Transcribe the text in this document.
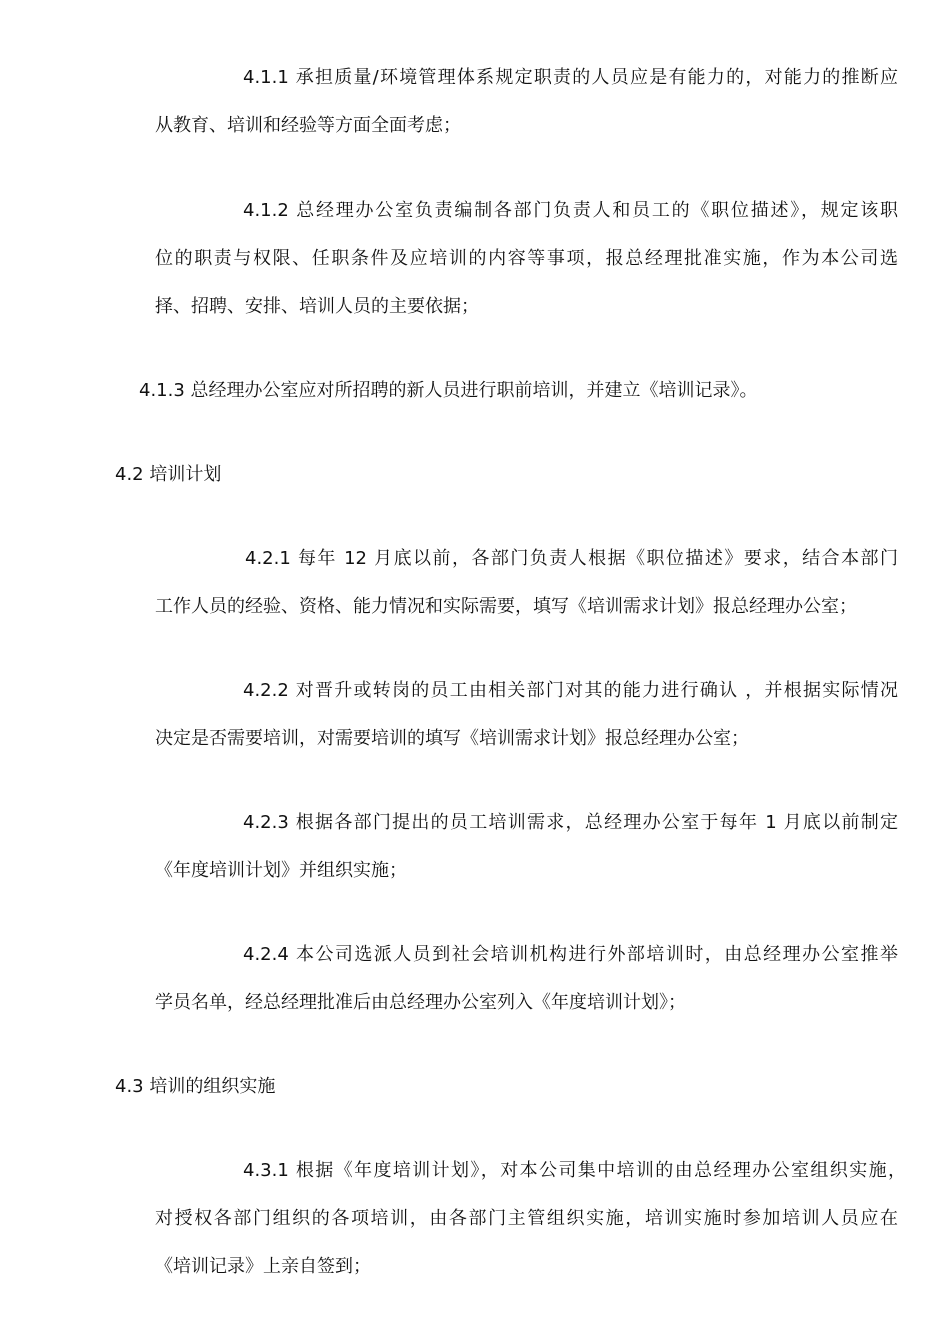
4.1.1 承担质量/环境管理体系规定职责的人员应是有能力的，对能力的推断应
从教育、培训和经验等方面全面考虑；
4.1.2 总经理办公室负责编制各部门负责人和员工的《职位描述》，规定该职
位的职责与权限、任职条件及应培训的内容等事项，报总经理批准实施，作为本公司选
择、招聘、安排、培训人员的主要依据；
4.1.3 总经理办公室应对所招聘的新人员进行职前培训，并建立《培训记录》。
4.2 培训计划
4.2.1 每年 12 月底以前，各部门负责人根据《职位描述》要求，结合本部门
工作人员的经验、资格、能力情况和实际需要，填写《培训需求计划》报总经理办公室；
4.2.2 对晋升或转岗的员工由相关部门对其的能力进行确认 ，并根据实际情况
决定是否需要培训，对需要培训的填写《培训需求计划》报总经理办公室；
4.2.3 根据各部门提出的员工培训需求，总经理办公室于每年 1 月底以前制定
《年度培训计划》并组织实施；
4.2.4 本公司选派人员到社会培训机构进行外部培训时，由总经理办公室推举
学员名单，经总经理批准后由总经理办公室列入《年度培训计划》；
4.3 培训的组织实施
4.3.1 根据《年度培训计划》，对本公司集中培训的由总经理办公室组织实施，
对授权各部门组织的各项培训，由各部门主管组织实施，培训实施时参加培训人员应在
《培训记录》上亲自签到；
